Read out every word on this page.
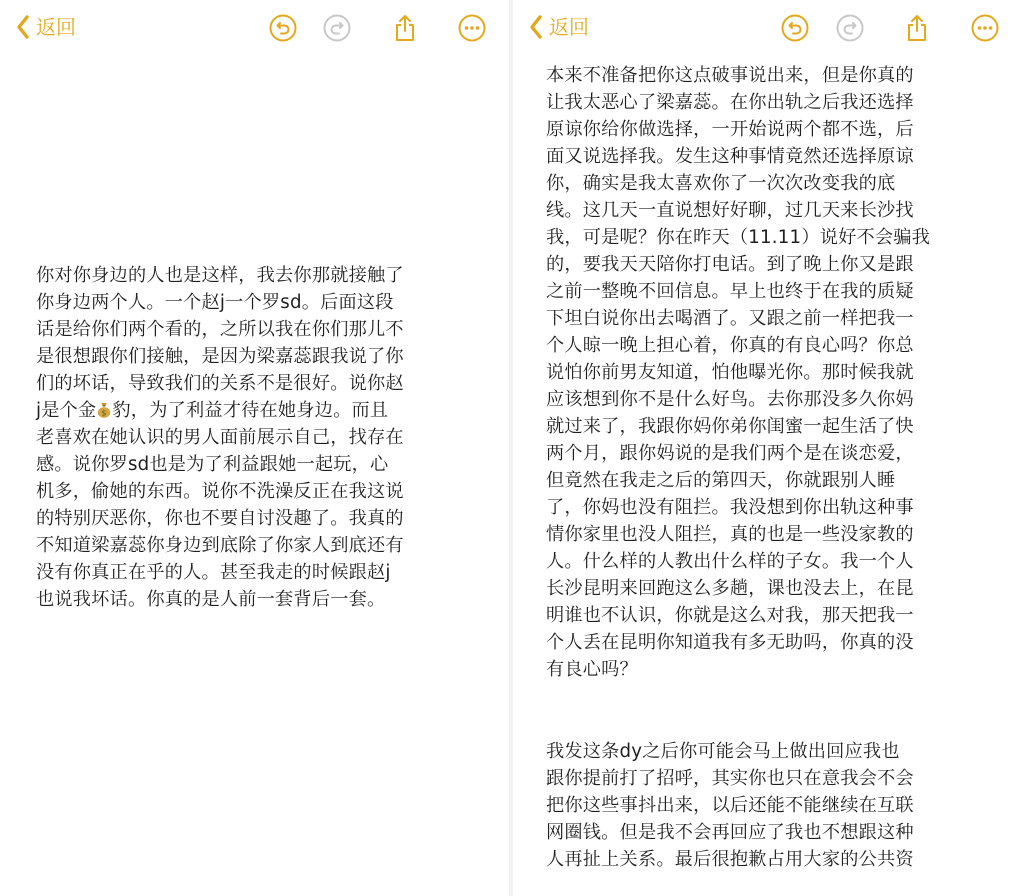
返回	返回
你对你身边的人也是这样，我去你那就接触了
你身边两个人。一个赵j一个罗sd。后面这段
话是给你们两个看的，之所以我在你们那儿不
是很想跟你们接触，是因为梁嘉蕊跟我说了你
们的坏话，导致我们的关系不是很好。说你赵
j是个金 $ 豹，为了利益才待在她身边。而且
老喜欢在她认识的男人面前展示自己，找存在
感。说你罗sd也是为了利益跟她一起玩，心
机多，偷她的东西。说你不洗澡反正在我这说
的特别厌恶你，你也不要自讨没趣了。我真的
不知道梁嘉蕊你身边到底除了你家人到底还有
没有你真正在乎的人。甚至我走的时候跟赵j
也说我坏话。你真的是人前一套背后一套。
本来不准备把你这点破事说出来，但是你真的
让我太恶心了梁嘉蕊。在你出轨之后我还选择
原谅你给你做选择，一开始说两个都不选，后
面又说选择我。发生这种事情竟然还选择原谅
你，确实是我太喜欢你了一次次改变我的底
线。这几天一直说想好好聊，过几天来长沙找
我，可是呢？你在昨天（11.11）说好不会骗我
的，要我天天陪你打电话。到了晚上你又是跟
之前一整晚不回信息。早上也终于在我的质疑
下坦白说你出去喝酒了。又跟之前一样把我一
个人晾一晚上担心着，你真的有良心吗？你总
说怕你前男友知道，怕他曝光你。那时候我就
应该想到你不是什么好鸟。去你那没多久你妈
就过来了，我跟你妈你弟你闺蜜一起生活了快
两个月，跟你妈说的是我们两个是在谈恋爱，
但竟然在我走之后的第四天，你就跟别人睡
了，你妈也没有阻拦。我没想到你出轨这种事
情你家里也没人阻拦，真的也是一些没家教的
人。什么样的人教出什么样的子女。我一个人
长沙昆明来回跑这么多趟，课也没去上，在昆
明谁也不认识，你就是这么对我，那天把我一
个人丢在昆明你知道我有多无助吗，你真的没
有良心吗？
我发这条dy之后你可能会马上做出回应我也
跟你提前打了招呼，其实你也只在意我会不会
把你这些事抖出来，以后还能不能继续在互联
网圈钱。但是我不会再回应了我也不想跟这种
人再扯上关系。最后很抱歉占用大家的公共资
